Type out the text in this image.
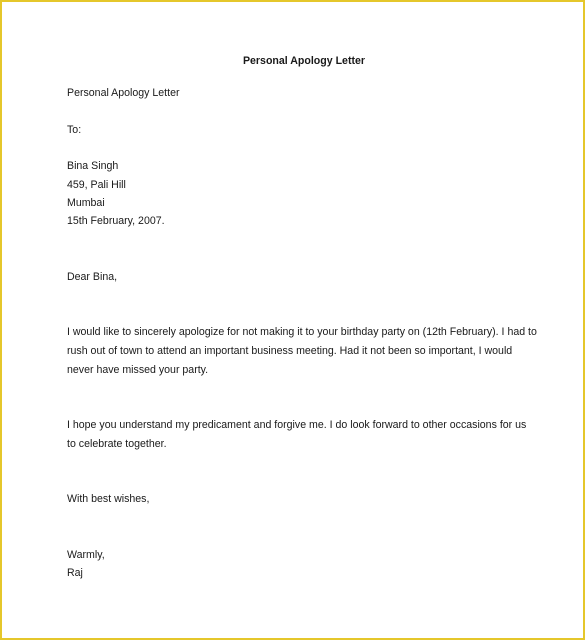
Personal Apology Letter
Personal Apology Letter
To:
Bina Singh
459, Pali Hill
Mumbai
15th February, 2007.
Dear Bina,
I would like to sincerely apologize for not making it to your birthday party on (12th February). I had to rush out of town to attend an important business meeting. Had it not been so important, I would never have missed your party.
I hope you understand my predicament and forgive me. I do look forward to other occasions for us to celebrate together.
With best wishes,
Warmly,
Raj
